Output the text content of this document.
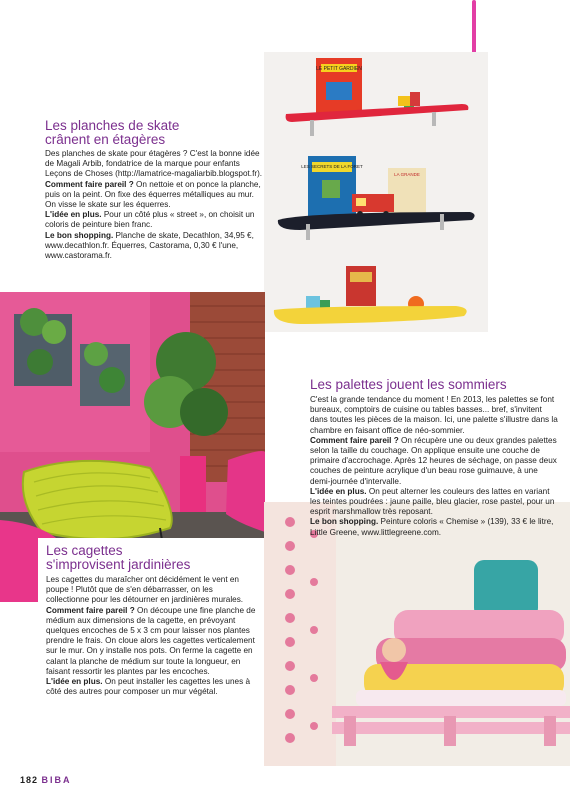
LE PETIT GARDIEN
LES SECRETS DE LA FORET
LA GRANDE
Les planches de skate
crânent en étagères

Des planches de skate pour étagères ? C'est la bonne idée de Magali Arbib, fondatrice de la marque pour enfants Leçons de Choses (http://lamatrice-magaliarbib.blogspot.fr).
Comment faire pareil ? On nettoie et on ponce la planche, puis on la peint. On fixe des équerres métalliques au mur. On visse le skate sur les équerres.
L'idée en plus. Pour un côté plus « street », on choisit un coloris de peinture bien franc.
Le bon shopping. Planche de skate, Decathlon, 34,95 €, www.decathlon.fr. Équerres, Castorama, 0,30 € l'une, www.castorama.fr.

Les palettes jouent les sommiers

C'est la grande tendance du moment ! En 2013, les palettes se font bureaux, comptoirs de cuisine ou tables basses... bref, s'invitent dans toutes les pièces de la maison. Ici, une palette s'illustre dans la chambre en faisant office de néo-sommier.
Comment faire pareil ? On récupère une ou deux grandes palettes selon la taille du couchage. On applique ensuite une couche de primaire d'accrochage. Après 12 heures de séchage, on passe deux couches de peinture acrylique d'un beau rose guimauve, à une demi-journée d'intervalle.
L'idée en plus. On peut alterner les couleurs des lattes en variant les teintes poudrées : jaune paille, bleu glacier, rose pastel, pour un esprit marshmallow très reposant.
Le bon shopping. Peinture coloris « Chemise » (139), 33 € le litre, Little Greene, www.littlegreene.com.

Les cagettes
s'improvisent jardinières

Les cagettes du maraîcher ont décidément le vent en poupe ! Plutôt que de s'en débarrasser, on les collectionne pour les détourner en jardinières murales.
Comment faire pareil ? On découpe une fine planche de médium aux dimensions de la cagette, en prévoyant quelques encoches de 5 x 3 cm pour laisser nos plantes prendre le frais. On cloue alors les cagettes verticalement sur le mur. On y installe nos pots. On ferme la cagette en calant la planche de médium sur toute la longueur, en faisant ressortir les plantes par les encoches.
L'idée en plus. On peut installer les cagettes les unes à côté des autres pour composer un mur végétal.

182 BIBA
